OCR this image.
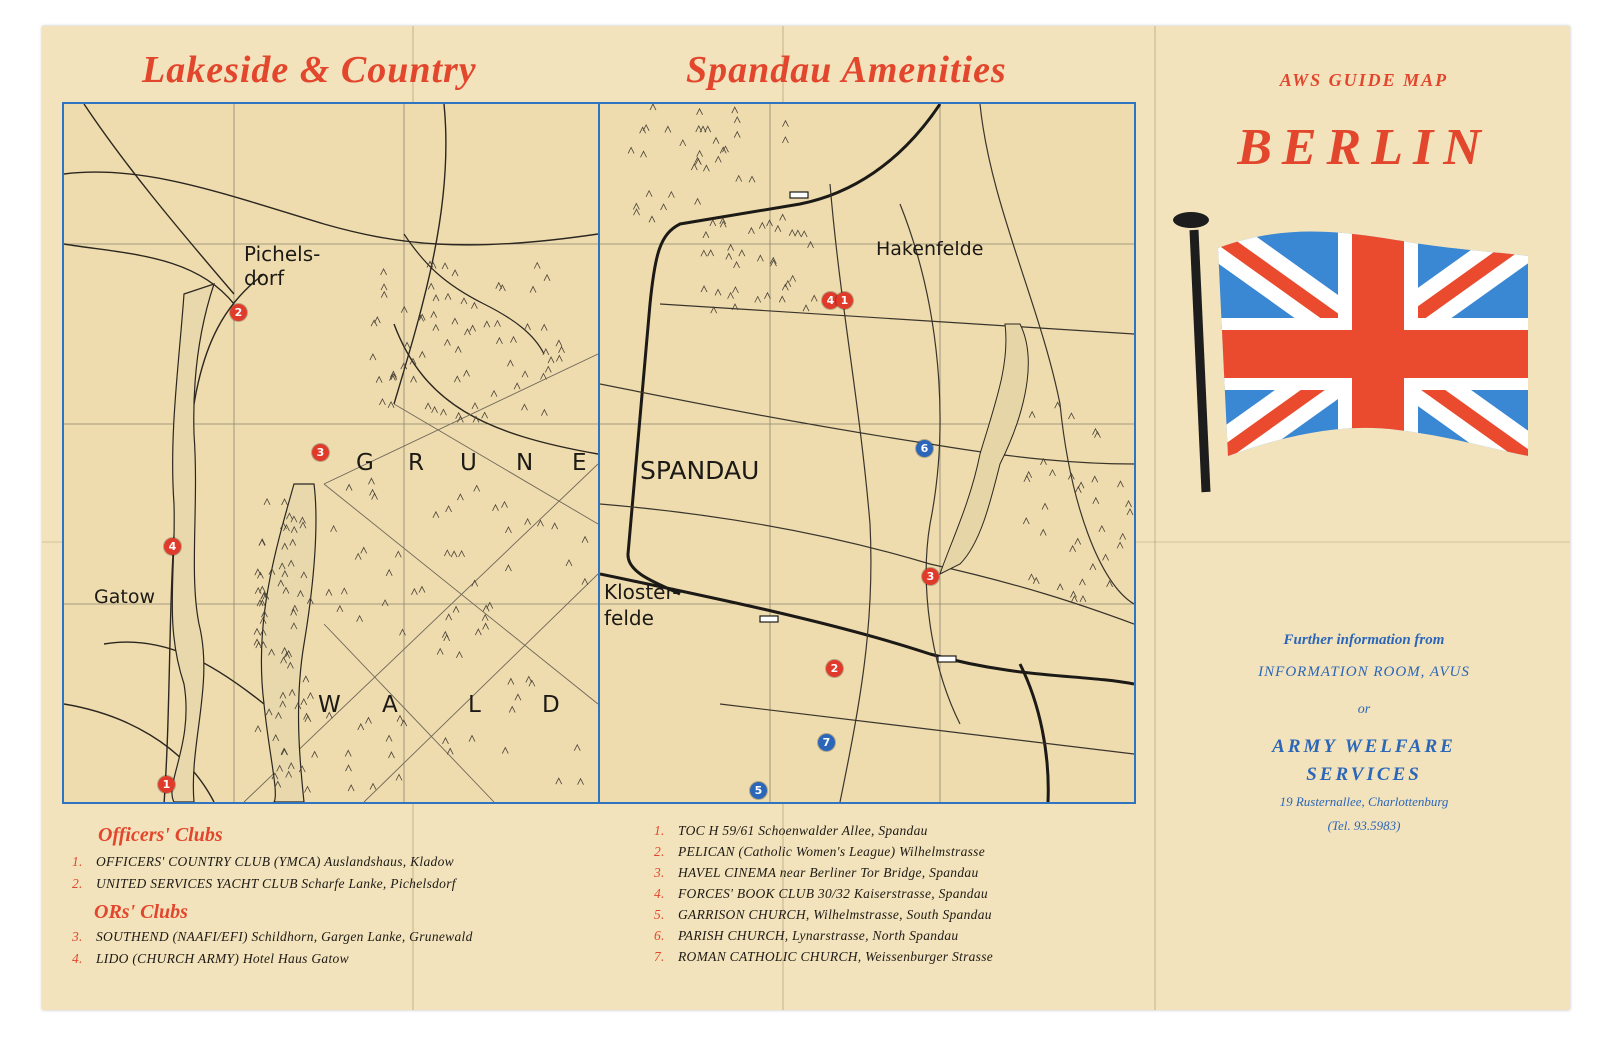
Lakeside & Country	Spandau Amenities
Pichels-
dorf
Gatow
G R U N E
W A	L	D
1
2
3
4
Hakenfelde
SPANDAU
Kloster-
felde
4 1
6
3
2
7
5
Officers' Clubs
1. OFFICERS' COUNTRY CLUB (YMCA) Auslandshaus, Kladow
2. UNITED SERVICES YACHT CLUB Scharfe Lanke, Pichelsdorf
ORs' Clubs
3. SOUTHEND (NAAFI/EFI) Schildhorn, Gargen Lanke, Grunewald
4. LIDO (CHURCH ARMY) Hotel Haus Gatow
1. TOC H 59/61 Schoenwalder Allee, Spandau
2. PELICAN (Catholic Women's League) Wilhelmstrasse
3. HAVEL CINEMA near Berliner Tor Bridge, Spandau
4. FORCES' BOOK CLUB 30/32 Kaiserstrasse, Spandau
5. GARRISON CHURCH, Wilhelmstrasse, South Spandau
6. PARISH CHURCH, Lynarstrasse, North Spandau
7. ROMAN CATHOLIC CHURCH, Weissenburger Strasse
AWS GUIDE MAP
BERLIN
Further information from
INFORMATION ROOM, AVUS
or
ARMY WELFARE
SERVICES
19 Rusternallee, Charlottenburg
(Tel. 93.5983)
